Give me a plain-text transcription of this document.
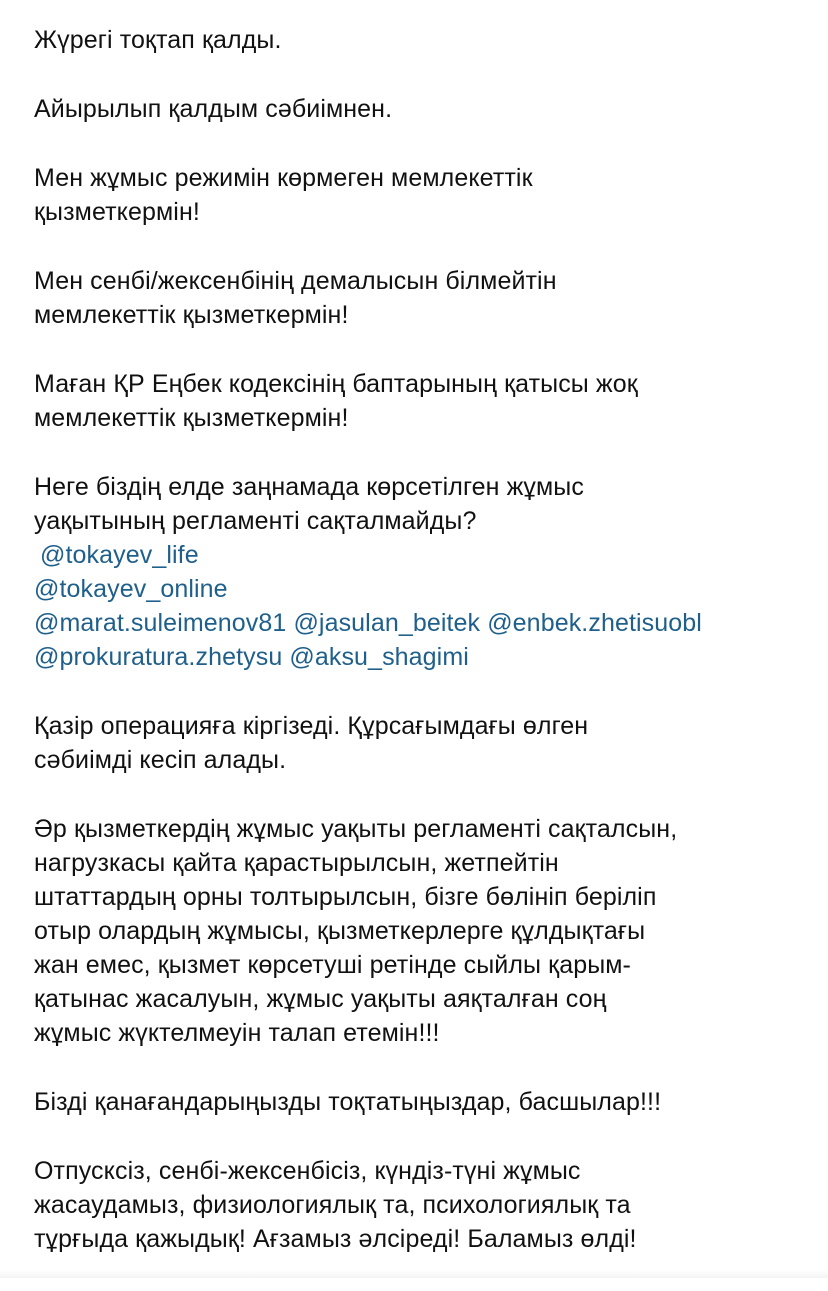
Жүрегі тоқтап қалды.

Айырылып қалдым сәбиімнен.

Мен жұмыс режимін көрмеген мемлекеттік
қызметкермін!

Мен сенбі/жексенбінің демалысын білмейтін
мемлекеттік қызметкермін!

Маған ҚР Еңбек кодексінің баптарының қатысы жоқ
мемлекеттік қызметкермін!

Неге біздің елде заңнамада көрсетілген жұмыс
уақытының регламенті сақталмайды?

@tokayev_life
@tokayev_online
@marat.suleimenov81 @jasulan_beitek @enbek.zhetisuobl
@prokuratura.zhetysu @aksu_shagimi

Қазір операцияға кіргізеді. Құрсағымдағы өлген
сәбиімді кесіп алады.

Әр қызметкердің жұмыс уақыты регламенті сақталсын,
нагрузкасы қайта қарастырылсын, жетпейтін
штаттардың орны толтырылсын, бізге бөлініп беріліп
отыр олардың жұмысы, қызметкерлерге құлдықтағы
жан емес, қызмет көрсетуші ретінде сыйлы қарым-
қатынас жасалуын, жұмыс уақыты аяқталған соң
жұмыс жүктелмеуін талап етемін!!!

Бізді қанағандарыңызды тоқтатыңыздар, басшылар!!!

Отпусксіз, сенбі-жексенбісіз, күндіз-түні жұмыс
жасаудамыз, физиологиялық та, психологиялық та
тұрғыда қажыдық! Ағзамыз әлсіреді! Баламыз өлді!
